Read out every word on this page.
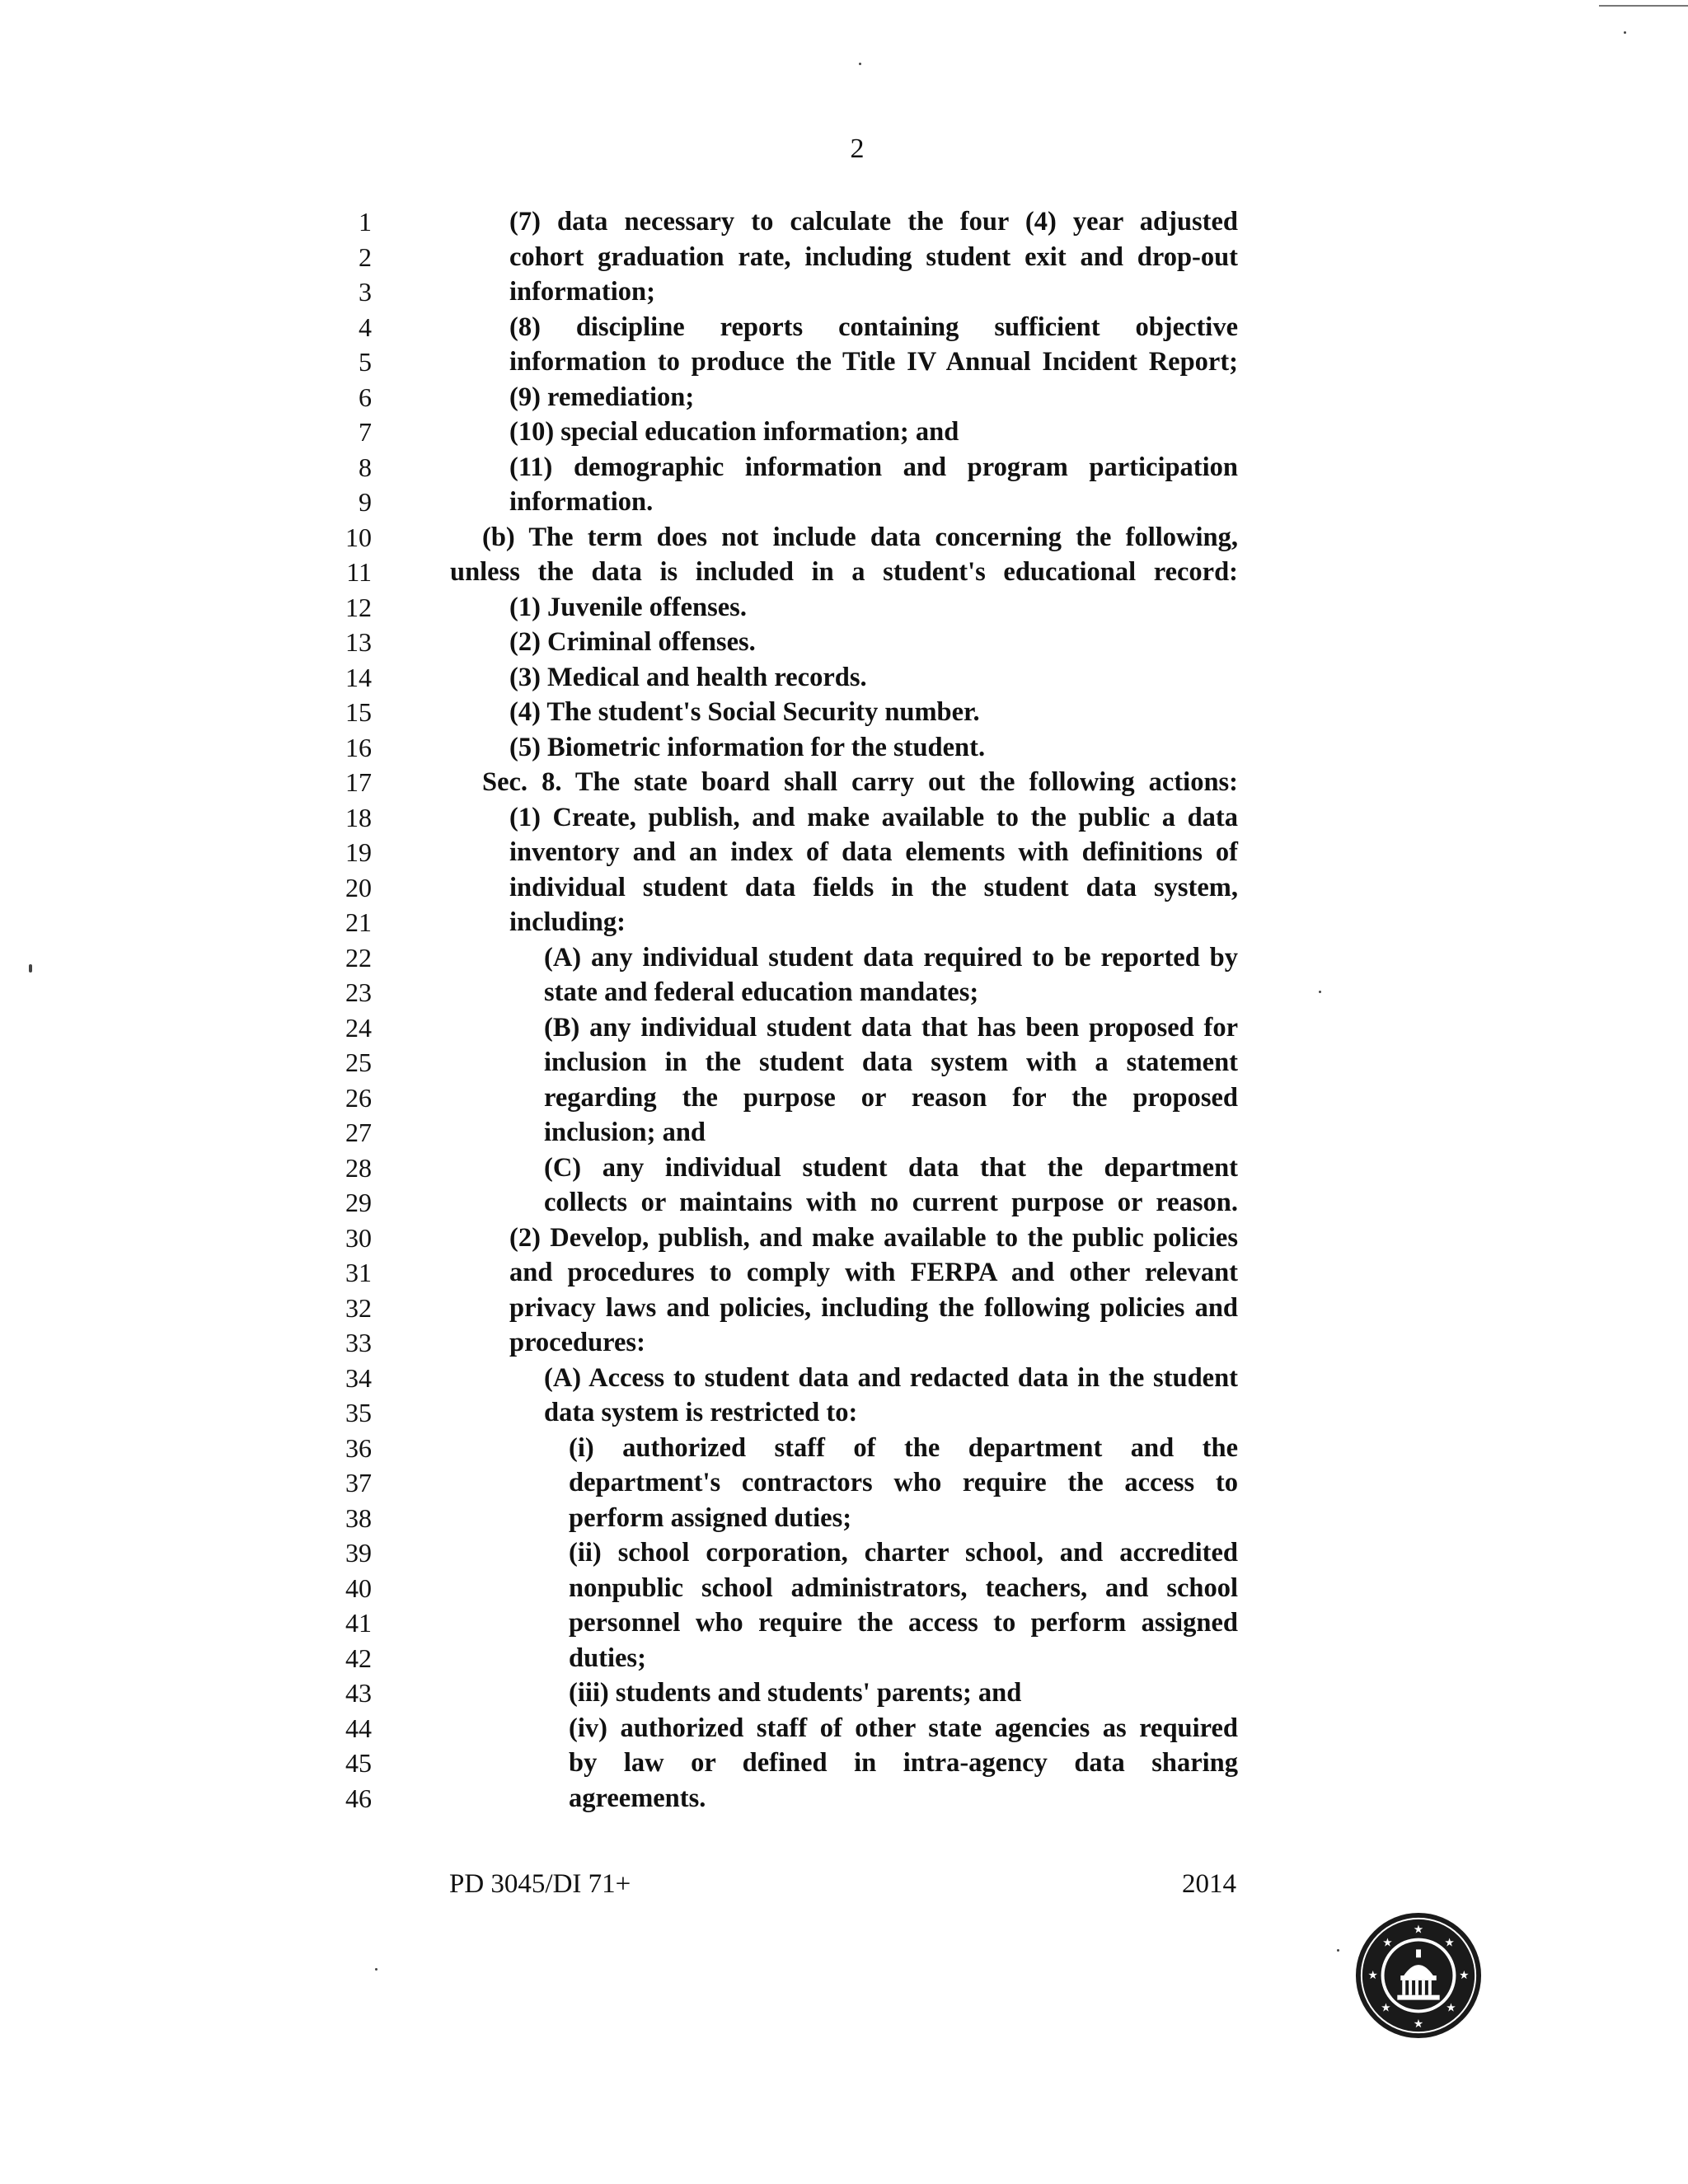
2
1
2
3
4
5
6
7
8
9
10
11
12
13
14
15
16
17
18
19
20
21
22
23
24
25
26
27
28
29
30
31
32
33
34
35
36
37
38
39
40
41
42
43
44
45
46
(7) data necessary to calculate the four (4) year adjusted
cohort graduation rate, including student exit and drop-out
information;
(8) discipline reports containing sufficient objective
information to produce the Title IV Annual Incident Report;
(9) remediation;
(10) special education information; and
(11) demographic information and program participation
information.
(b) The term does not include data concerning the following,
unless the data is included in a student's educational record:
(1) Juvenile offenses.
(2) Criminal offenses.
(3) Medical and health records.
(4) The student's Social Security number.
(5) Biometric information for the student.
Sec. 8. The state board shall carry out the following actions:
(1) Create, publish, and make available to the public a data
inventory and an index of data elements with definitions of
individual student data fields in the student data system,
including:
(A) any individual student data required to be reported by
state and federal education mandates;
(B) any individual student data that has been proposed for
inclusion in the student data system with a statement
regarding the purpose or reason for the proposed
inclusion; and
(C) any individual student data that the department
collects or maintains with no current purpose or reason.
(2) Develop, publish, and make available to the public policies
and procedures to comply with FERPA and other relevant
privacy laws and policies, including the following policies and
procedures:
(A) Access to student data and redacted data in the student
data system is restricted to:
(i) authorized staff of the department and the
department's contractors who require the access to
perform assigned duties;
(ii) school corporation, charter school, and accredited
nonpublic school administrators, teachers, and school
personnel who require the access to perform assigned
duties;
(iii) students and students' parents; and
(iv) authorized staff of other state agencies as required
by law or defined in intra-agency data sharing
agreements.
PD 3045/DI 71+	2014
★
★
★
★
★
★
★
★
